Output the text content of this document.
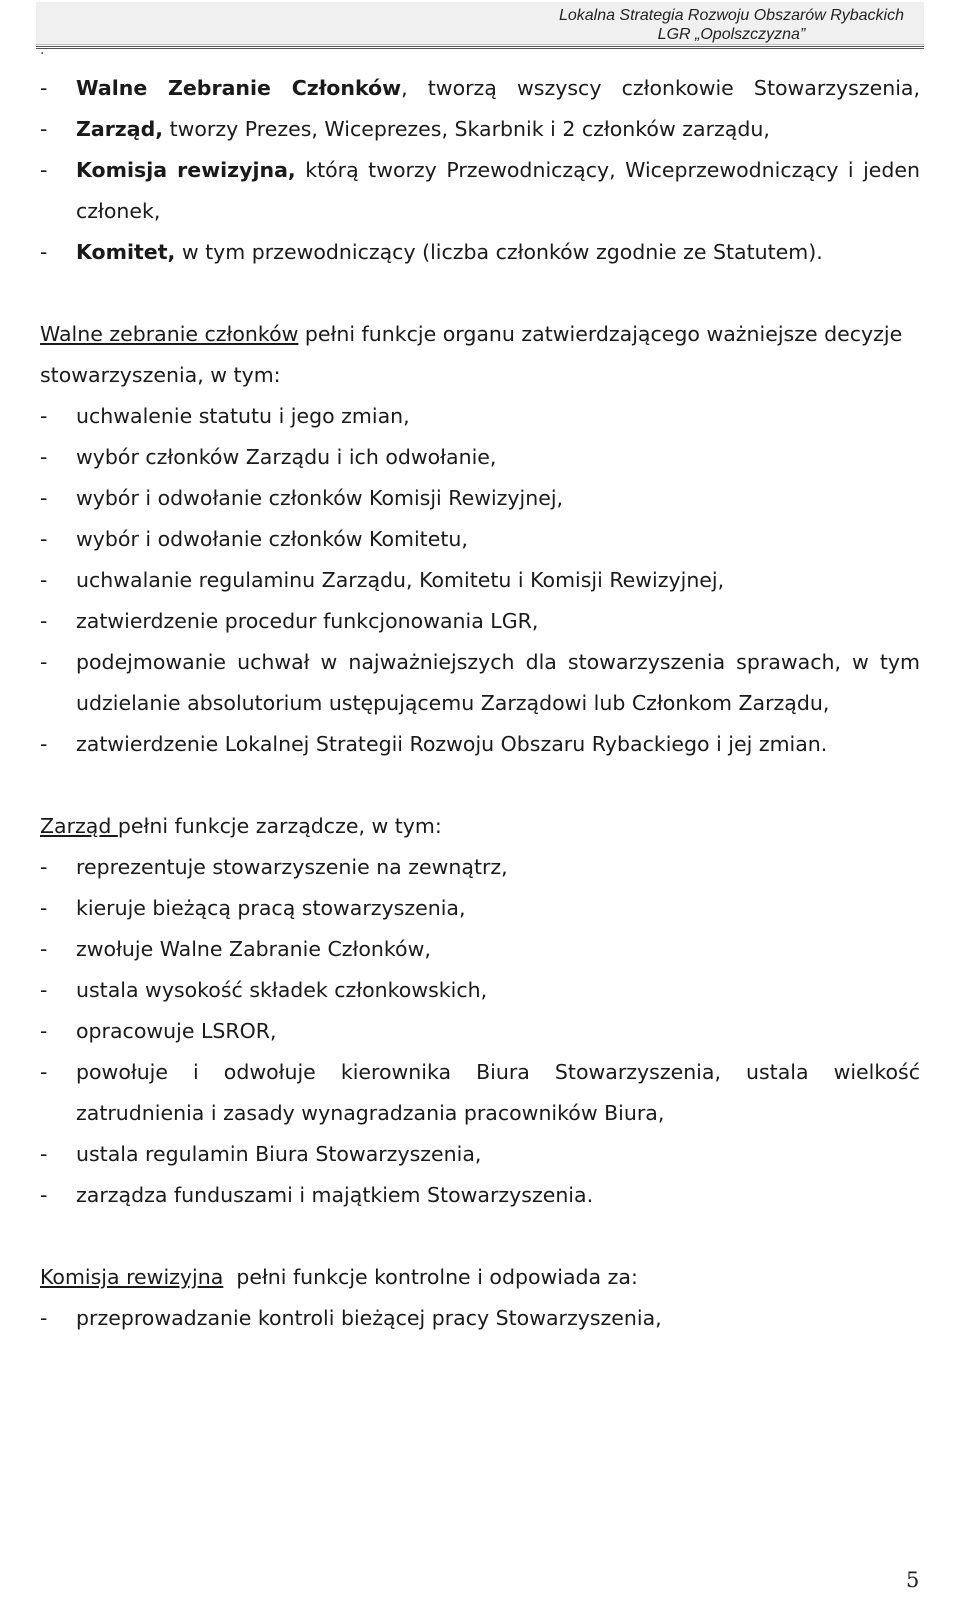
Lokalna Strategia Rozwoju Obszarów Rybackich
LGR „Opolszczyzna”
.
- Walne Zebranie Członków, tworzą wszyscy członkowie Stowarzyszenia,
- Zarząd, tworzy Prezes, Wiceprezes, Skarbnik i 2 członków zarządu,
- Komisja rewizyjna, którą tworzy Przewodniczący, Wiceprzewodniczący i jeden członek,
- Komitet, w tym przewodniczący (liczba członków zgodnie ze Statutem).
Walne zebranie członków pełni funkcje organu zatwierdzającego ważniejsze decyzje stowarzyszenia, w tym:
- uchwalenie statutu i jego zmian,
- wybór członków Zarządu i ich odwołanie,
- wybór i odwołanie członków Komisji Rewizyjnej,
- wybór i odwołanie członków Komitetu,
- uchwalanie regulaminu Zarządu, Komitetu i Komisji Rewizyjnej,
- zatwierdzenie procedur funkcjonowania LGR,
- podejmowanie uchwał w najważniejszych dla stowarzyszenia sprawach, w tym udzielanie absolutorium ustępującemu Zarządowi lub Członkom Zarządu,
- zatwierdzenie Lokalnej Strategii Rozwoju Obszaru Rybackiego i jej zmian.
Zarząd pełni funkcje zarządcze, w tym:
- reprezentuje stowarzyszenie na zewnątrz,
- kieruje bieżącą pracą stowarzyszenia,
- zwołuje Walne Zabranie Członków,
- ustala wysokość składek członkowskich,
- opracowuje LSROR,
- powołuje i odwołuje kierownika Biura Stowarzyszenia, ustala wielkość zatrudnienia i zasady wynagradzania pracowników Biura,
- ustala regulamin Biura Stowarzyszenia,
- zarządza funduszami i majątkiem Stowarzyszenia.
Komisja rewizyjna  pełni funkcje kontrolne i odpowiada za:
- przeprowadzanie kontroli bieżącej pracy Stowarzyszenia,
5
